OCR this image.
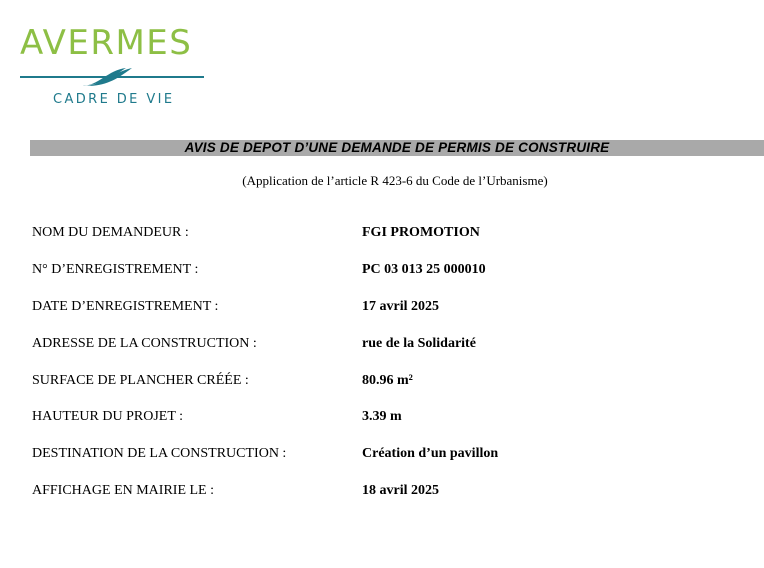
AVERMES
CADRE DE VIE
AVIS DE DEPOT D’UNE DEMANDE DE PERMIS DE CONSTRUIRE
(Application de l’article R 423-6 du Code de l’Urbanisme)
NOM DU DEMANDEUR :	FGI PROMOTION
N° D’ENREGISTREMENT :	PC 03 013 25 000010
DATE D’ENREGISTREMENT :	17 avril 2025
ADRESSE DE LA CONSTRUCTION :	rue de la Solidarité
SURFACE DE PLANCHER CRÉÉE :	80.96 m²
HAUTEUR DU PROJET :	3.39 m
DESTINATION DE LA CONSTRUCTION :	Création d’un pavillon
AFFICHAGE EN MAIRIE LE :	18 avril 2025
